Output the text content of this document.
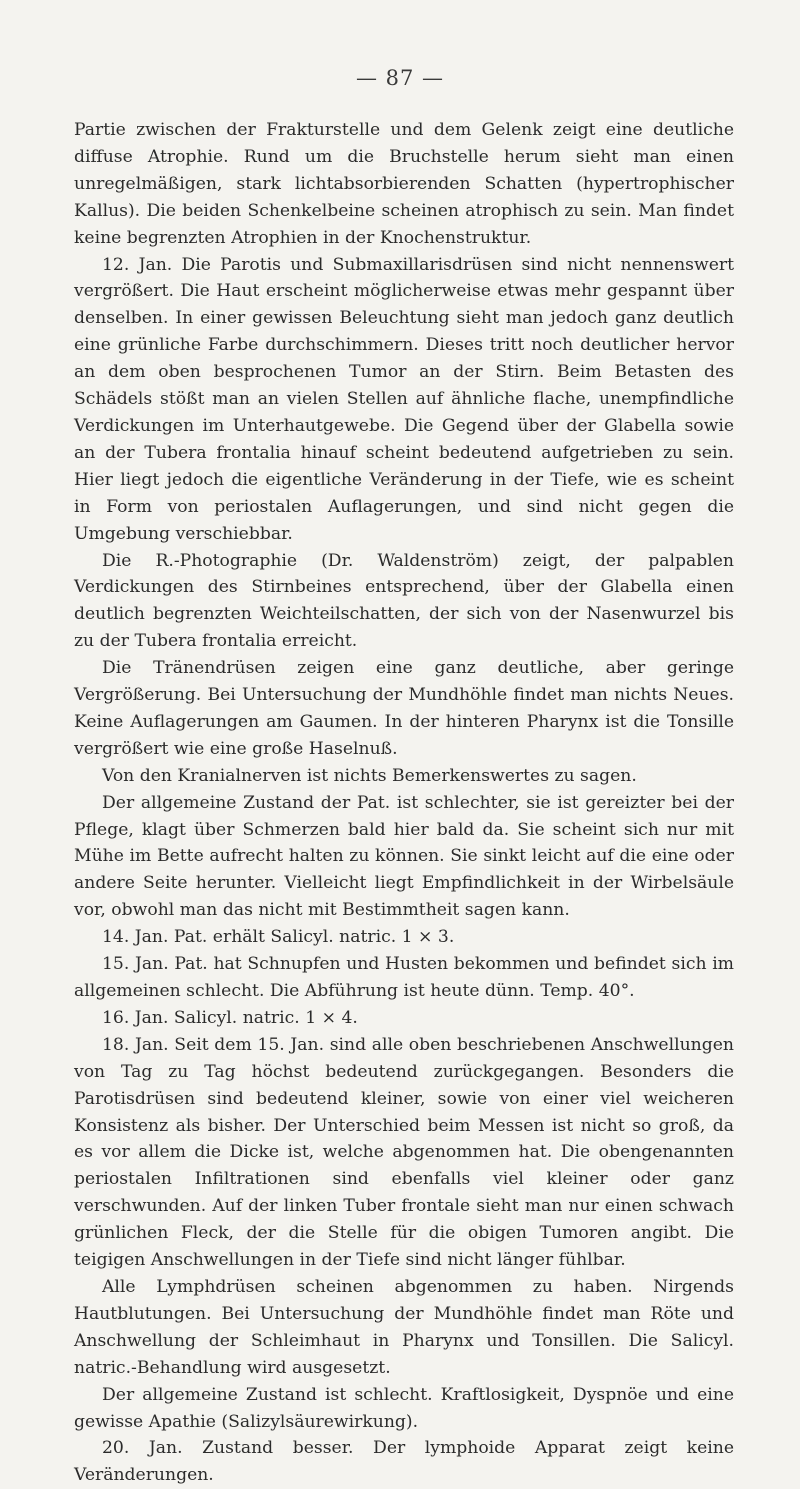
— 87 —

Partie zwischen der Frakturstelle und dem Gelenk zeigt eine deutliche diffuse Atrophie. Rund um die Bruchstelle herum sieht man einen unregelmäßigen, stark lichtabsorbierenden Schatten (hypertrophischer Kallus). Die beiden Schenkelbeine scheinen atrophisch zu sein. Man findet keine begrenzten Atrophien in der Knochenstruktur.

12. Jan. Die Parotis und Submaxillarisdrüsen sind nicht nennenswert vergrößert. Die Haut erscheint möglicherweise etwas mehr gespannt über denselben. In einer gewissen Beleuchtung sieht man jedoch ganz deutlich eine grünliche Farbe durchschimmern. Dieses tritt noch deutlicher hervor an dem oben besprochenen Tumor an der Stirn. Beim Betasten des Schädels stößt man an vielen Stellen auf ähnliche flache, unempfindliche Verdickungen im Unterhautgewebe. Die Gegend über der Glabella sowie an der Tubera frontalia hinauf scheint bedeutend aufgetrieben zu sein. Hier liegt jedoch die eigentliche Veränderung in der Tiefe, wie es scheint in Form von periostalen Auflagerungen, und sind nicht gegen die Umgebung verschiebbar.

Die R.-Photographie (Dr. Waldenström) zeigt, der palpablen Verdickungen des Stirnbeines entsprechend, über der Glabella einen deutlich begrenzten Weichteilschatten, der sich von der Nasenwurzel bis zu der Tubera frontalia erreicht.

Die Tränendrüsen zeigen eine ganz deutliche, aber geringe Vergrößerung. Bei Untersuchung der Mundhöhle findet man nichts Neues. Keine Auflagerungen am Gaumen. In der hinteren Pharynx ist die Tonsille vergrößert wie eine große Haselnuß.

Von den Kranialnerven ist nichts Bemerkenswertes zu sagen.

Der allgemeine Zustand der Pat. ist schlechter, sie ist gereizter bei der Pflege, klagt über Schmerzen bald hier bald da. Sie scheint sich nur mit Mühe im Bette aufrecht halten zu können. Sie sinkt leicht auf die eine oder andere Seite herunter. Vielleicht liegt Empfindlichkeit in der Wirbelsäule vor, obwohl man das nicht mit Bestimmtheit sagen kann.

14. Jan. Pat. erhält Salicyl. natric. 1 × 3.

15. Jan. Pat. hat Schnupfen und Husten bekommen und befindet sich im allgemeinen schlecht. Die Abführung ist heute dünn. Temp. 40°.

16. Jan. Salicyl. natric. 1 × 4.

18. Jan. Seit dem 15. Jan. sind alle oben beschriebenen Anschwellungen von Tag zu Tag höchst bedeutend zurückgegangen. Besonders die Parotisdrüsen sind bedeutend kleiner, sowie von einer viel weicheren Konsistenz als bisher. Der Unterschied beim Messen ist nicht so groß, da es vor allem die Dicke ist, welche abgenommen hat. Die obengenannten periostalen Infiltrationen sind ebenfalls viel kleiner oder ganz verschwunden. Auf der linken Tuber frontale sieht man nur einen schwach grünlichen Fleck, der die Stelle für die obigen Tumoren angibt. Die teigigen Anschwellungen in der Tiefe sind nicht länger fühlbar.

Alle Lymphdrüsen scheinen abgenommen zu haben. Nirgends Hautblutungen. Bei Untersuchung der Mundhöhle findet man Röte und Anschwellung der Schleimhaut in Pharynx und Tonsillen. Die Salicyl. natric.-Behandlung wird ausgesetzt.

Der allgemeine Zustand ist schlecht. Kraftlosigkeit, Dyspnöe und eine gewisse Apathie (Salizylsäurewirkung).

20. Jan. Zustand besser. Der lymphoide Apparat zeigt keine Veränderungen.
